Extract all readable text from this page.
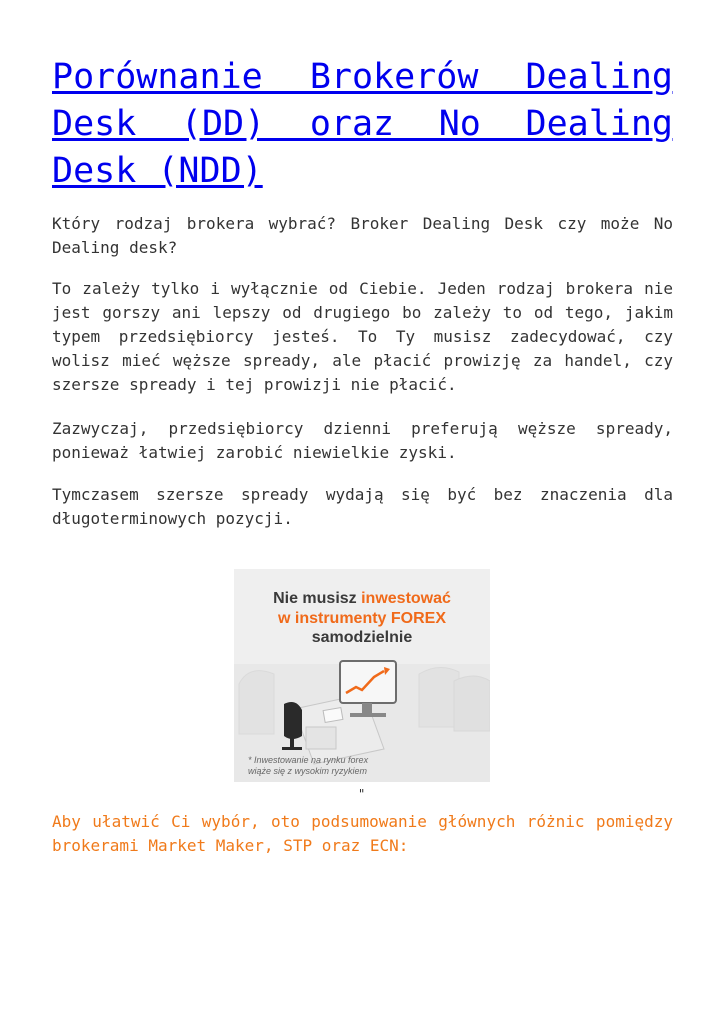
Porównanie Brokerów Dealing Desk (DD) oraz No Dealing Desk (NDD)

Który rodzaj brokera wybrać? Broker Dealing Desk czy może No Dealing desk?

To zależy tylko i wyłącznie od Ciebie. Jeden rodzaj brokera nie jest gorszy ani lepszy od drugiego bo zależy to od tego, jakim typem przedsiębiorcy jesteś. To Ty musisz zadecydować, czy wolisz mieć węższe spready, ale płacić prowizję za handel, czy szersze spready i tej prowizji nie płacić.

Zazwyczaj, przedsiębiorcy dzienni preferują węższe spready, ponieważ łatwiej zarobić niewielkie zyski.

Tymczasem szersze spready wydają się być bez znaczenia dla długoterminowych pozycji.

Nie musisz inwestować
w instrumenty FOREX
samodzielnie
* Inwestowanie na rynku forex
wiąże się z wysokim ryzykiem
"

Aby ułatwić Ci wybór, oto podsumowanie głównych różnic pomiędzy brokerami Market Maker, STP oraz ECN:
